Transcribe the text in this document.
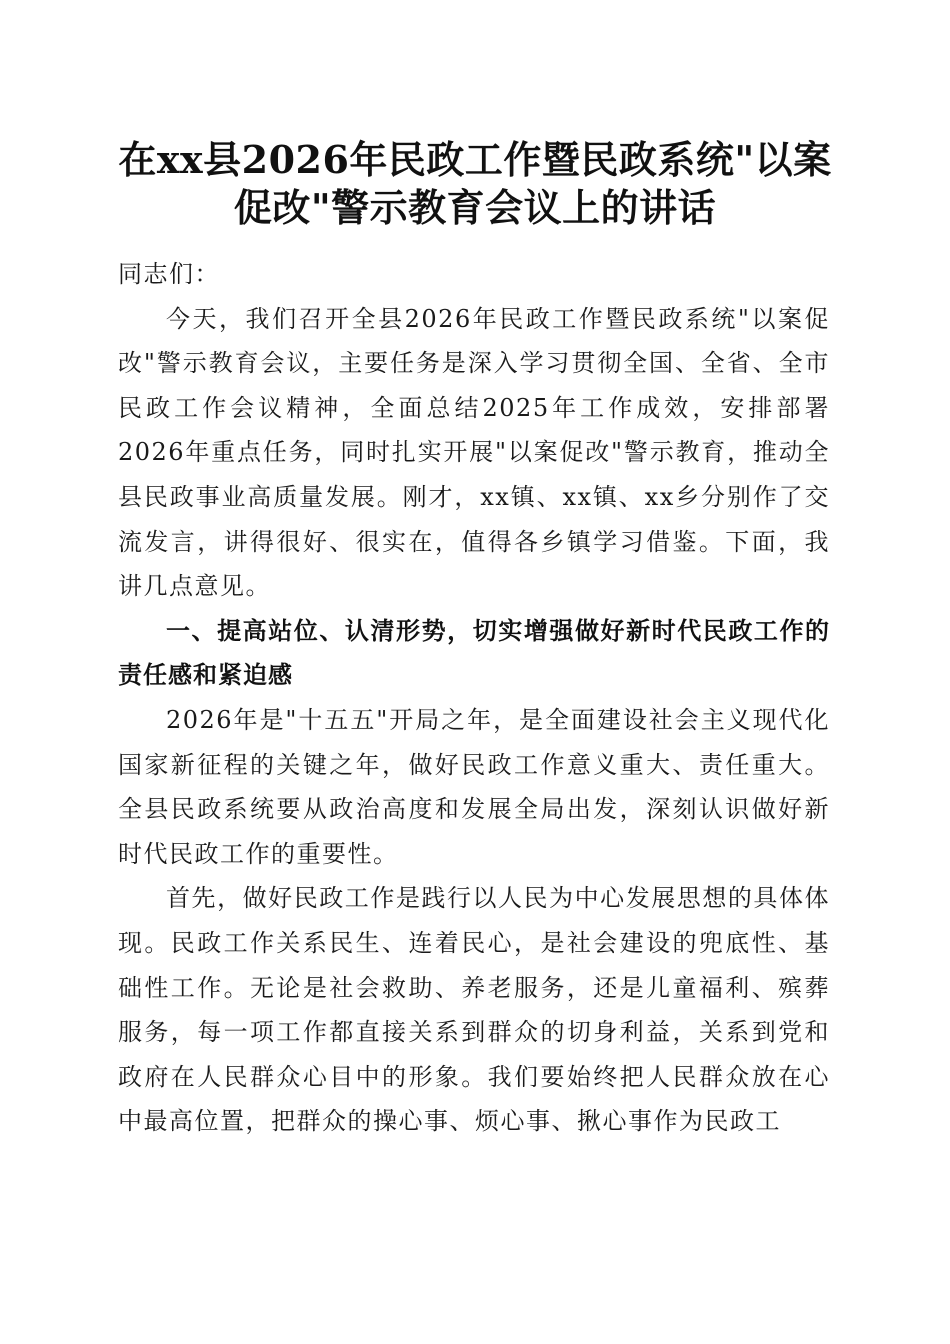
在xx县2026年民政工作暨民政系统"以案促改"警示教育会议上的讲话

同志们：

今天，我们召开全县2026年民政工作暨民政系统"以案促改"警示教育会议，主要任务是深入学习贯彻全国、全省、全市民政工作会议精神，全面总结2025年工作成效，安排部署2026年重点任务，同时扎实开展"以案促改"警示教育，推动全县民政事业高质量发展。刚才，xx镇、xx镇、xx乡分别作了交流发言，讲得很好、很实在，值得各乡镇学习借鉴。下面，我讲几点意见。

一、提高站位、认清形势，切实增强做好新时代民政工作的责任感和紧迫感

2026年是"十五五"开局之年，是全面建设社会主义现代化国家新征程的关键之年，做好民政工作意义重大、责任重大。全县民政系统要从政治高度和发展全局出发，深刻认识做好新时代民政工作的重要性。

首先，做好民政工作是践行以人民为中心发展思想的具体体现。民政工作关系民生、连着民心，是社会建设的兜底性、基础性工作。无论是社会救助、养老服务，还是儿童福利、殡葬服务，每一项工作都直接关系到群众的切身利益，关系到党和政府在人民群众心目中的形象。我们要始终把人民群众放在心中最高位置，把群众的操心事、烦心事、揪心事作为民政工
